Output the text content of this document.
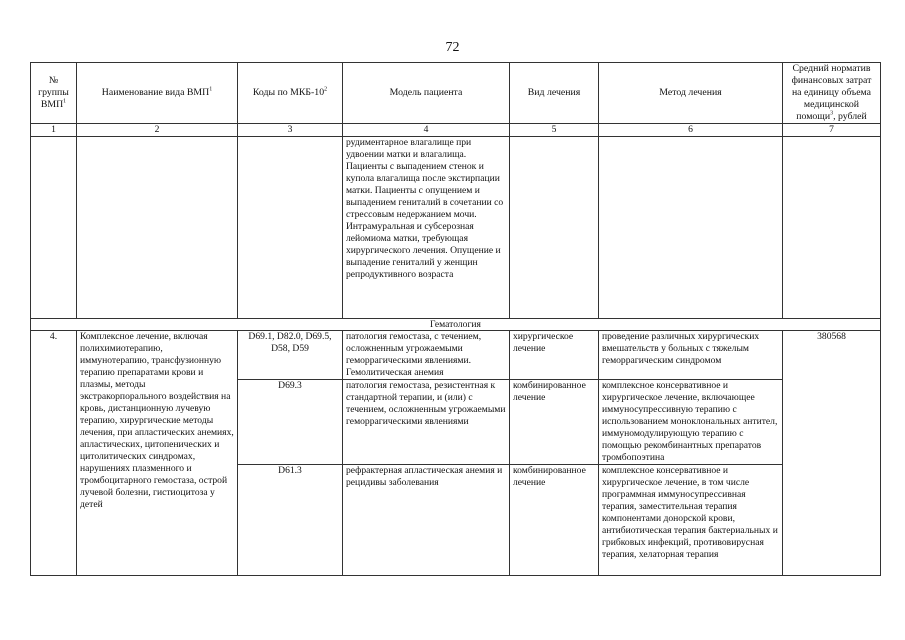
72
№ группы ВМП$^1$	Наименование вида ВМП$^1$	Коды по МКБ-$10^2$	Модель пациента	Вид лечения	Метод лечения	Средний норматив финансовых затрат на единицу объема медицинской помощи$^3$, рублей
1	2	3	4	5	6	7
			рудиментарное влагалище при удвоении матки и влагалища. Пациенты с выпадением стенок и купола влагалища после экстирпации матки. Пациенты с опущением и выпадением гениталий в сочетании со стрессовым недержанием мочи. Интрамуральная и субсерозная лейомиома матки, требующая хирургического лечения. Опущение и выпадение гениталий у женщин репродуктивного возраста			
Гематология						
4.	Комплексное лечение, включая полихимиотерапию, иммунотерапию, трансфузионную терапию препаратами крови и плазмы, методы экстракорпорального воздействия на кровь, дистанционную лучевую терапию, хирургические методы лечения, при апластических анемиях, апластических, цитопенических и цитолитических синдромах, нарушениях плазменного и тромбоцитарного гемостаза, острой лучевой болезни, гистиоцитоза у детей	D69.1, D82.0, D69.5, D58, D59	патология гемостаза, с течением, осложненным угрожаемыми геморрагическими явлениями. Гемолитическая анемия	хирургическое лечение	проведение различных хирургических вмешательств у больных с тяжелым геморрагическим синдромом	380568
		D69.3	патология гемостаза, резистентная к стандартной терапии, и (или) с течением, осложненным угрожаемыми геморрагическими явлениями	комбинированное лечение	комплексное консервативное и хирургическое лечение, включающее иммуносупрессивную терапию с использованием моноклональных антител, иммуномодулирующую терапию с помощью рекомбинантных препаратов тромбопоэтина	
		D61.3	рефрактерная апластическая анемия и рецидивы заболевания	комбинированное лечение	комплексное консервативное и хирургическое лечение, в том числе программная иммуносупрессивная терапия, заместительная терапия компонентами донорской крови, антибиотическая терапия бактериальных и грибковых инфекций, противовирусная терапия, хелаторная терапия	
